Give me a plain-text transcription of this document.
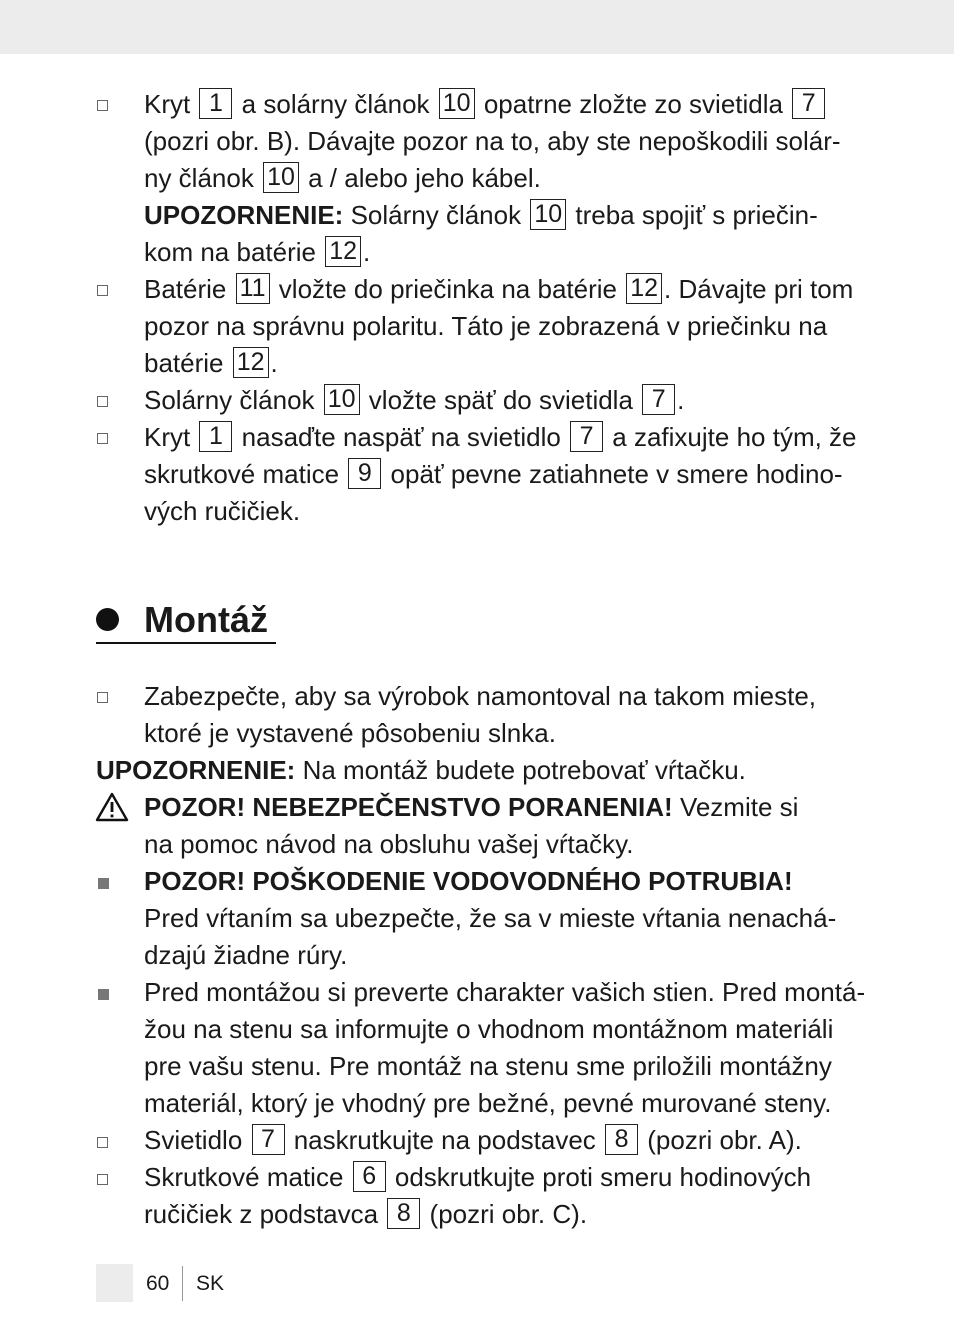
Kryt 1 a solárny článok 10 opatrne zložte zo svietidla 7
(pozri obr. B). Dávajte pozor na to, aby ste nepoškodili solár-
ny článok 10 a / alebo jeho kábel.
UPOZORNENIE: Solárny článok 10 treba spojiť s priečin-
kom na batérie 12 .
Batérie 11 vložte do priečinka na batérie 12 . Dávajte pri tom
pozor na správnu polaritu. Táto je zobrazená v priečinku na
batérie 12 .
Solárny článok 10 vložte späť do svietidla 7 .
Kryt 1 nasaďte naspäť na svietidlo 7 a zafixujte ho tým, že
skrutkové matice 9 opäť pevne zatiahnete v smere hodino-
vých ručičiek.
Montáž
Zabezpečte, aby sa výrobok namontoval na takom mieste,
ktoré je vystavené pôsobeniu slnka.
UPOZORNENIE: Na montáž budete potrebovať vŕtačku.
POZOR! NEBEZPEČENSTVO PORANENIA! Vezmite si
na pomoc návod na obsluhu vašej vŕtačky.
POZOR! POŠKODENIE VODOVODNÉHO POTRUBIA!
Pred vŕtaním sa ubezpečte, že sa v mieste vŕtania nenachá-
dzajú žiadne rúry.
Pred montážou si preverte charakter vašich stien. Pred montá-
žou na stenu sa informujte o vhodnom montážnom materiáli
pre vašu stenu. Pre montáž na stenu sme priložili montážny
materiál, ktorý je vhodný pre bežné, pevné murované steny.
Svietidlo 7 naskrutkujte na podstavec 8 (pozri obr. A).
Skrutkové matice 6 odskrutkujte proti smeru hodinových
ručičiek z podstavca 8 (pozri obr. C).
60 SK
